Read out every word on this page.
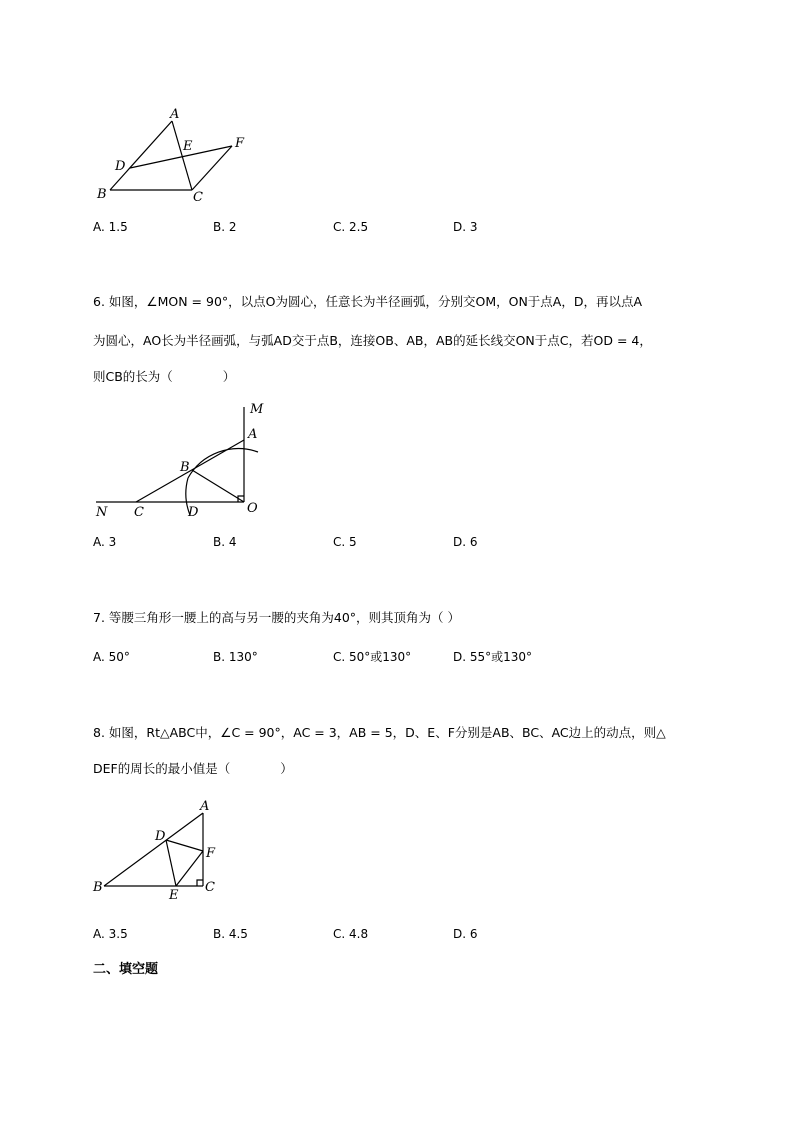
A
E	F
D
B	C
A. 1.5	B. 2	C. 2.5	D. 3
6. 如图，∠MON = 90°，以点O为圆心，任意长为半径画弧，分别交OM，ON于点A，D，再以点A
为圆心，AO长为半径画弧，与弧AD交于点B，连接OB、AB，AB的延长线交ON于点C，若OD = 4，
则CB的长为（　　　　）
M
A
B
N C	D	O
A. 3	B. 4	C. 5	D. 6
7. 等腰三角形一腰上的高与另一腰的夹角为40°，则其顶角为（ ）
A. 50°	B. 130°	C. 50°或130°	D. 55°或130°
8. 如图，Rt△ABC中，∠C = 90°，AC = 3，AB = 5，D、E、F分别是AB、BC、AC边上的动点，则△
DEF的周长的最小值是（　　　　）
A
D
F
B
E
C
A. 3.5	B. 4.5	C. 4.8	D. 6
二、填空题
